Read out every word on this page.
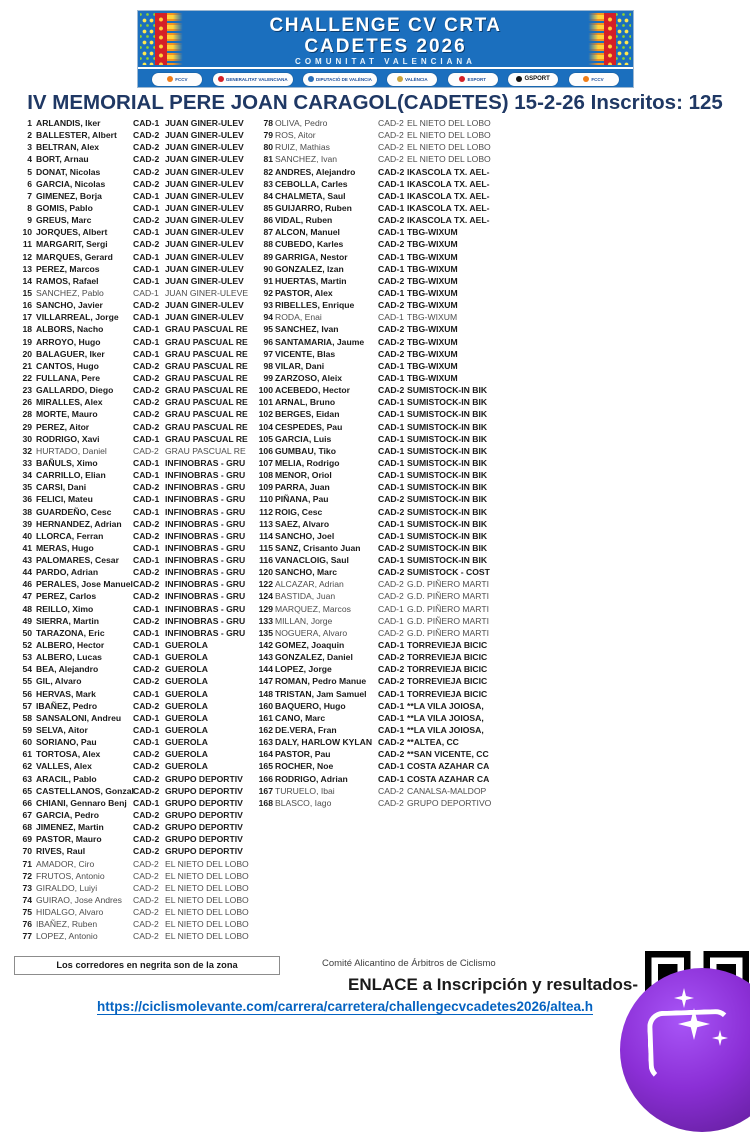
CHALLENGE CV CRTA
CADETES 2026
COMUNITAT VALENCIANA
FCCV	GENERALITAT VALENCIANA	DIPUTACIÓ DE VALÈNCIA	VALÈNCIA	ESPORT	GSPORT	FCCV
IV MEMORIAL PERE JOAN CARAGOL(CADETES) 15-2-26 Inscritos: 125
1 ARLANDIS, Iker	CAD-1 JUAN GINER-ULEV
2 BALLESTER, Albert	CAD-2 JUAN GINER-ULEV
3 BELTRAN, Alex	CAD-2 JUAN GINER-ULEV
4 BORT, Arnau	CAD-2 JUAN GINER-ULEV
5 DONAT, Nicolas	CAD-2 JUAN GINER-ULEV
6 GARCIA, Nicolas	CAD-2 JUAN GINER-ULEV
7 GIMENEZ, Borja	CAD-1 JUAN GINER-ULEV
8 GOMIS, Pablo	CAD-1 JUAN GINER-ULEV
9 GREUS, Marc	CAD-2 JUAN GINER-ULEV
10 JORQUES, Albert	CAD-1 JUAN GINER-ULEV
11 MARGARIT, Sergi	CAD-2 JUAN GINER-ULEV
12 MARQUES, Gerard	CAD-1 JUAN GINER-ULEV
13 PEREZ, Marcos	CAD-1 JUAN GINER-ULEV
14 RAMOS, Rafael	CAD-1 JUAN GINER-ULEV
15 SANCHEZ, Pablo	CAD-1 JUAN GINER-ULEVE
16 SANCHO, Javier	CAD-2 JUAN GINER-ULEV
17 VILLARREAL, Jorge	CAD-1 JUAN GINER-ULEV
18 ALBORS, Nacho	CAD-1 GRAU PASCUAL RE
19 ARROYO, Hugo	CAD-1 GRAU PASCUAL RE
20 BALAGUER, Iker	CAD-1 GRAU PASCUAL RE
21 CANTOS, Hugo	CAD-2 GRAU PASCUAL RE
22 FULLANA, Pere	CAD-2 GRAU PASCUAL RE
23 GALLARDO, Diego	CAD-2 GRAU PASCUAL RE
26 MIRALLES, Alex	CAD-2 GRAU PASCUAL RE
28 MORTE, Mauro	CAD-2 GRAU PASCUAL RE
29 PEREZ, Aitor	CAD-2 GRAU PASCUAL RE
30 RODRIGO, Xavi	CAD-1 GRAU PASCUAL RE
32 HURTADO, Daniel	CAD-2 GRAU PASCUAL RE
33 BAÑULS, Ximo	CAD-1 INFINOBRAS - GRU
34 CARRILLO, Elian	CAD-1 INFINOBRAS - GRU
35 CARSI, Dani	CAD-2 INFINOBRAS - GRU
36 FELICI, Mateu	CAD-1 INFINOBRAS - GRU
38 GUARDEÑO, Cesc	CAD-1 INFINOBRAS - GRU
39 HERNANDEZ, Adrian	CAD-2 INFINOBRAS - GRU
40 LLORCA, Ferran	CAD-2 INFINOBRAS - GRU
41 MERAS, Hugo	CAD-1 INFINOBRAS - GRU
43 PALOMARES, Cesar	CAD-1 INFINOBRAS - GRU
44 PARDO, Adrian	CAD-2 INFINOBRAS - GRU
46 PERALES, Jose Manuel CAD-2 INFINOBRAS - GRU
47 PEREZ, Carlos	CAD-2 INFINOBRAS - GRU
48 REILLO, Ximo	CAD-1 INFINOBRAS - GRU
49 SIERRA, Martin	CAD-2 INFINOBRAS - GRU
50 TARAZONA, Eric	CAD-1 INFINOBRAS - GRU
52 ALBERO, Hector	CAD-1 GUEROLA
53 ALBERO, Lucas	CAD-1 GUEROLA
54 BEA, Alejandro	CAD-2 GUEROLA
55 GIL, Alvaro	CAD-2 GUEROLA
56 HERVAS, Mark	CAD-1 GUEROLA
57 IBAÑEZ, Pedro	CAD-2 GUEROLA
58 SANSALONI, Andreu	CAD-1 GUEROLA
59 SELVA, Aitor	CAD-1 GUEROLA
60 SORIANO, Pau	CAD-1 GUEROLA
61 TORTOSA, Alex	CAD-2 GUEROLA
62 VALLES, Alex	CAD-2 GUEROLA
63 ARACIL, Pablo	CAD-2 GRUPO DEPORTIV
65 CASTELLANOS, Gonzal CAD-2 GRUPO DEPORTIV
66 CHIANI, Gennaro Benj CAD-1 GRUPO DEPORTIV
67 GARCIA, Pedro	CAD-2 GRUPO DEPORTIV
68 JIMENEZ, Martin	CAD-2 GRUPO DEPORTIV
69 PASTOR, Mauro	CAD-2 GRUPO DEPORTIV
70 RIVES, Raul	CAD-2 GRUPO DEPORTIV
71 AMADOR, Ciro	CAD-2 EL NIETO DEL LOBO
72 FRUTOS, Antonio	CAD-2 EL NIETO DEL LOBO
73 GIRALDO, Luiyi	CAD-2 EL NIETO DEL LOBO
74 GUIRAO, Jose Andres	CAD-2 EL NIETO DEL LOBO
75 HIDALGO, Alvaro	CAD-2 EL NIETO DEL LOBO
76 IBAÑEZ, Ruben	CAD-2 EL NIETO DEL LOBO
77 LOPEZ, Antonio	CAD-2 EL NIETO DEL LOBO
78 OLIVA, Pedro	CAD-2 EL NIETO DEL LOBO
79 ROS, Aitor	CAD-2 EL NIETO DEL LOBO
80 RUIZ, Mathias	CAD-2 EL NIETO DEL LOBO
81 SANCHEZ, Ivan	CAD-2 EL NIETO DEL LOBO
82 ANDRES, Alejandro	CAD-2 IKASCOLA TX. AEL-
83 CEBOLLA, Carles	CAD-1 IKASCOLA TX. AEL-
84 CHALMETA, Saul	CAD-1 IKASCOLA TX. AEL-
85 GUIJARRO, Ruben	CAD-1 IKASCOLA TX. AEL-
86 VIDAL, Ruben	CAD-2 IKASCOLA TX. AEL-
87 ALCON, Manuel	CAD-1 TBG-WIXUM
88 CUBEDO, Karles	CAD-2 TBG-WIXUM
89 GARRIGA, Nestor	CAD-1 TBG-WIXUM
90 GONZALEZ, Izan	CAD-1 TBG-WIXUM
91 HUERTAS, Martin	CAD-2 TBG-WIXUM
92 PASTOR, Alex	CAD-1 TBG-WIXUM
93 RIBELLES, Enrique	CAD-2 TBG-WIXUM
94 RODA, Enai	CAD-1 TBG-WIXUM
95 SANCHEZ, Ivan	CAD-2 TBG-WIXUM
96 SANTAMARIA, Jaume	CAD-2 TBG-WIXUM
97 VICENTE, Blas	CAD-2 TBG-WIXUM
98 VILAR, Dani	CAD-1 TBG-WIXUM
99 ZARZOSO, Aleix	CAD-1 TBG-WIXUM
100 ACEBEDO, Hector	CAD-2 SUMISTOCK-IN BIK
101 ARNAL, Bruno	CAD-1 SUMISTOCK-IN BIK
102 BERGES, Eidan	CAD-1 SUMISTOCK-IN BIK
104 CESPEDES, Pau	CAD-1 SUMISTOCK-IN BIK
105 GARCIA, Luis	CAD-1 SUMISTOCK-IN BIK
106 GUMBAU, Tiko	CAD-1 SUMISTOCK-IN BIK
107 MELIA, Rodrigo	CAD-1 SUMISTOCK-IN BIK
108 MENOR, Oriol	CAD-1 SUMISTOCK-IN BIK
109 PARRA, Juan	CAD-1 SUMISTOCK-IN BIK
110 PIÑANA, Pau	CAD-2 SUMISTOCK-IN BIK
112 ROIG, Cesc	CAD-2 SUMISTOCK-IN BIK
113 SAEZ, Alvaro	CAD-1 SUMISTOCK-IN BIK
114 SANCHO, Joel	CAD-1 SUMISTOCK-IN BIK
115 SANZ, Crisanto Juan	CAD-2 SUMISTOCK-IN BIK
116 VANACLOIG, Saul	CAD-1 SUMISTOCK-IN BIK
120 SANCHO, Marc	CAD-2 SUMISTOCK - COST
122 ALCAZAR, Adrian	CAD-2 G.D. PIÑERO MARTI
124 BASTIDA, Juan	CAD-2 G.D. PIÑERO MARTI
129 MARQUEZ, Marcos	CAD-1 G.D. PIÑERO MARTI
133 MILLAN, Jorge	CAD-1 G.D. PIÑERO MARTI
135 NOGUERA, Alvaro	CAD-2 G.D. PIÑERO MARTI
142 GOMEZ, Joaquin	CAD-1 TORREVIEJA BICIC
143 GONZALEZ, Daniel	CAD-2 TORREVIEJA BICIC
144 LOPEZ, Jorge	CAD-2 TORREVIEJA BICIC
147 ROMAN, Pedro Manue	CAD-2 TORREVIEJA BICIC
148 TRISTAN, Jam Samuel	CAD-1 TORREVIEJA BICIC
160 BAQUERO, Hugo	CAD-1 **LA VILA JOIOSA,
161 CANO, Marc	CAD-1 **LA VILA JOIOSA,
162 DE.VERA, Fran	CAD-1 **LA VILA JOIOSA,
163 DALY, HARLOW KYLAN CAD-2 **ALTEA, CC
164 PASTOR, Pau	CAD-2 **SAN VICENTE, CC
165 ROCHER, Noe	CAD-1 COSTA AZAHAR CA
166 RODRIGO, Adrian	CAD-1 COSTA AZAHAR CA
167 TURUELO, Ibai	CAD-2 CANALSA-MALDOP
168 BLASCO, Iago	CAD-2 GRUPO DEPORTIVO
Los corredores en negrita son de la zona	Comité Alicantino de Árbitros de Ciclismo
ENLACE a Inscripción y resultados-
https://ciclismolevante.com/carrera/carretera/challengecvcadetes2026/altea.h
